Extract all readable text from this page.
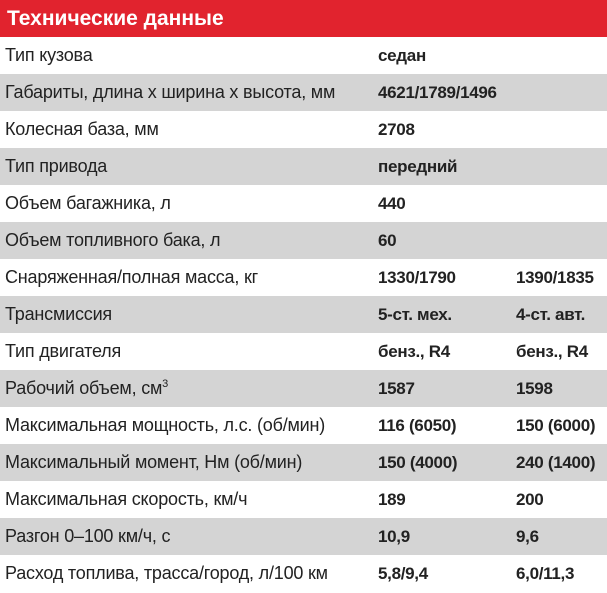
Технические данные
Тип кузова	седан
Габариты, длина х ширина х высота, мм	4621/1789/1496
Колесная база, мм	2708
Тип привода	передний
Объем багажника, л	440
Объем топливного бака, л	60
Снаряженная/полная масса, кг	1330/1790	1390/1835
Трансмиссия	5-ст. мех.	4-ст. авт.
Тип двигателя	бенз., R4	бенз., R4
Рабочий объем, $см^3$	1587	1598
Максимальная мощность, л.с. (об/мин)	116 (6050)	150 (6000)
Максимальный момент, Нм (об/мин)	150 (4000)	240 (1400)
Максимальная скорость, км/ч	189	200
Разгон 0–100 км/ч, с	10,9	9,6
Расход топлива, трасса/город, л/100 км	5,8/9,4	6,0/11,3
